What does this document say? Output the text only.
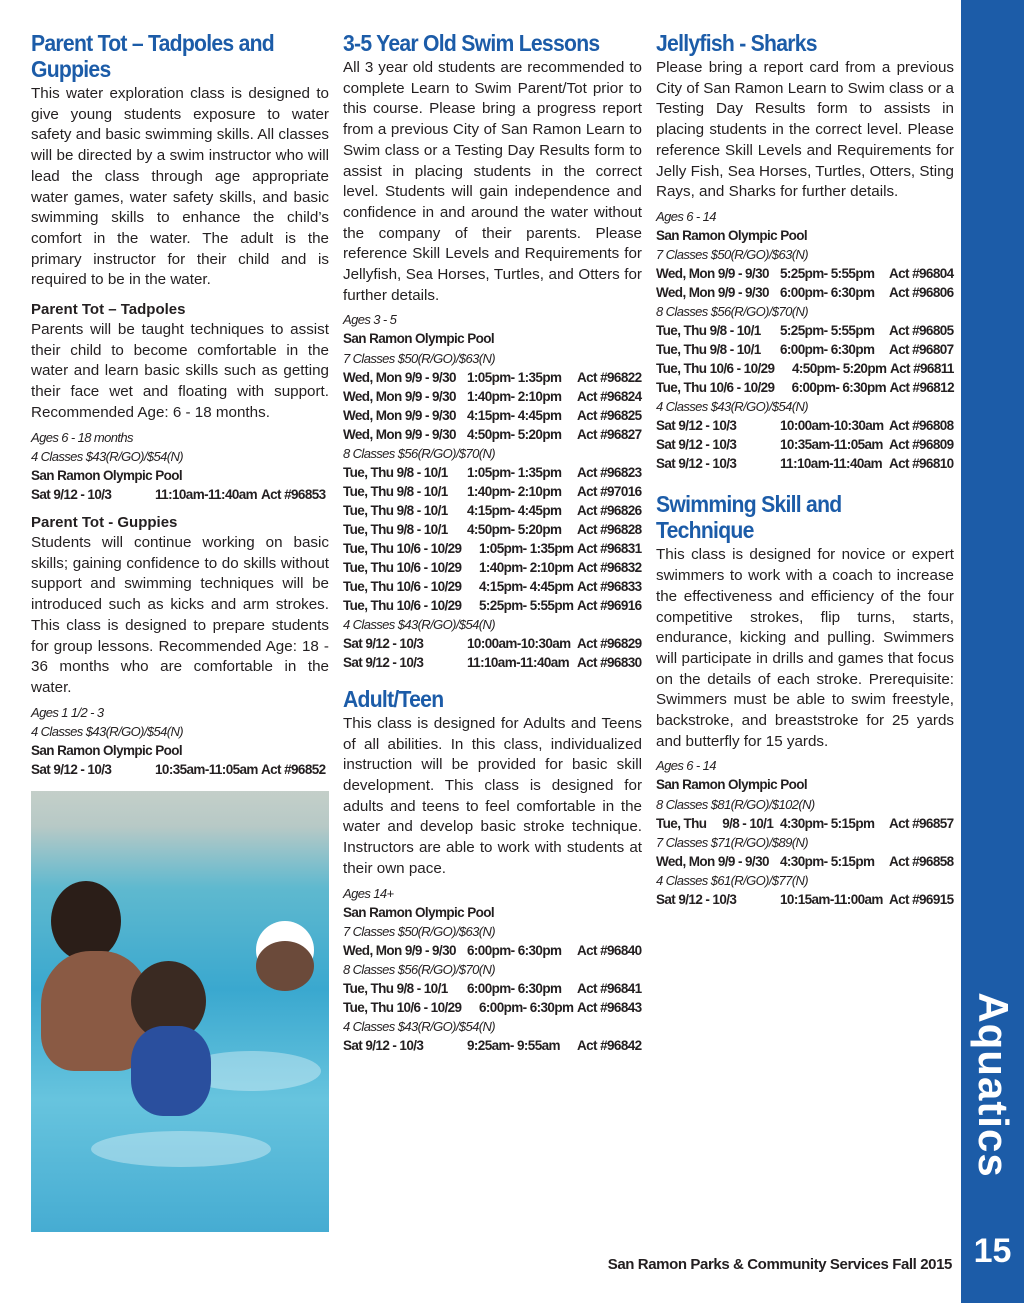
Parent Tot – Tadpoles and
Guppies

This water exploration class is designed to give young students exposure to water safety and basic swimming skills. All classes will be directed by a swim instructor who will lead the class through age appropriate water games, water safety skills, and basic swimming skills to enhance the child’s comfort in the water. The adult is the primary instructor for their child and is required to be in the water.

Parent Tot – Tadpoles

Parents will be taught techniques to assist their child to become comfortable in the water and learn basic skills such as getting their face wet and floating with support. Recommended Age: 6 - 18 months.

Ages 6 - 18 months
4 Classes $43(R/GO)/$54(N)
San Ramon Olympic Pool
Sat 9/12 - 10/3	11:10am-11:40am Act #96853
Parent Tot - Guppies

Students will continue working on basic skills; gaining confidence to do skills without support and swimming techniques will be introduced such as kicks and arm strokes. This class is designed to prepare students for group lessons. Recommended Age: 18 - 36 months who are comfortable in the water.

Ages 1 1/2 - 3
4 Classes $43(R/GO)/$54(N)
San Ramon Olympic Pool
Sat 9/12 - 10/3	10:35am-11:05am Act #96852
3-5 Year Old Swim Lessons

All 3 year old students are recommended to complete Learn to Swim Parent/Tot prior to this course. Please bring a progress report from a previous City of San Ramon Learn to Swim class or a Testing Day Results form to assist in placing students in the correct level. Students will gain independence and confidence in and around the water without the company of their parents. Please reference Skill Levels and Requirements for Jellyfish, Sea Horses, Turtles, and Otters for further details.

Ages 3 - 5
San Ramon Olympic Pool
7 Classes $50(R/GO)/$63(N)
Wed, Mon 9/9 - 9/30 1:05pm- 1:35pm	Act #96822
Wed, Mon 9/9 - 9/30 1:40pm- 2:10pm	Act #96824
Wed, Mon 9/9 - 9/30 4:15pm- 4:45pm	Act #96825
Wed, Mon 9/9 - 9/30 4:50pm- 5:20pm	Act #96827
8 Classes $56(R/GO)/$70(N)
Tue, Thu 9/8 - 10/1	1:05pm- 1:35pm	Act #96823
Tue, Thu 9/8 - 10/1	1:40pm- 2:10pm	Act #97016
Tue, Thu 9/8 - 10/1	4:15pm- 4:45pm	Act #96826
Tue, Thu 9/8 - 10/1	4:50pm- 5:20pm	Act #96828
Tue, Thu 10/6 - 10/29	1:05pm- 1:35pm Act #96831
Tue, Thu 10/6 - 10/29	1:40pm- 2:10pm Act #96832
Tue, Thu 10/6 - 10/29	4:15pm- 4:45pm Act #96833
Tue, Thu 10/6 - 10/29	5:25pm- 5:55pm Act #96916
4 Classes $43(R/GO)/$54(N)
Sat 9/12 - 10/3	10:00am-10:30am Act #96829
Sat 9/12 - 10/3	11:10am-11:40am Act #96830
Adult/Teen

This class is designed for Adults and Teens of all abilities. In this class, individualized instruction will be provided for basic skill development. This class is designed for adults and teens to feel comfortable in the water and develop basic stroke technique. Instructors are able to work with students at their own pace.

Ages 14+
San Ramon Olympic Pool
7 Classes $50(R/GO)/$63(N)
Wed, Mon 9/9 - 9/30 6:00pm- 6:30pm	Act #96840
8 Classes $56(R/GO)/$70(N)
Tue, Thu 9/8 - 10/1	6:00pm- 6:30pm	Act #96841
Tue, Thu 10/6 - 10/29	6:00pm- 6:30pm Act #96843
4 Classes $43(R/GO)/$54(N)
Sat 9/12 - 10/3	9:25am- 9:55am	Act #96842
Jellyfish - Sharks

Please bring a report card from a previous City of San Ramon Learn to Swim class or a Testing Day Results form to assists in placing students in the correct level. Please reference Skill Levels and Requirements for Jelly Fish, Sea Horses, Turtles, Otters, Sting Rays, and Sharks for further details.

Ages 6 - 14
San Ramon Olympic Pool
7 Classes $50(R/GO)/$63(N)
Wed, Mon 9/9 - 9/30 5:25pm- 5:55pm	Act #96804
Wed, Mon 9/9 - 9/30 6:00pm- 6:30pm	Act #96806
8 Classes $56(R/GO)/$70(N)
Tue, Thu 9/8 - 10/1	5:25pm- 5:55pm	Act #96805
Tue, Thu 9/8 - 10/1	6:00pm- 6:30pm	Act #96807
Tue, Thu 10/6 - 10/29	4:50pm- 5:20pm Act #96811
Tue, Thu 10/6 - 10/29	6:00pm- 6:30pm Act #96812
4 Classes $43(R/GO)/$54(N)
Sat 9/12 - 10/3	10:00am-10:30am Act #96808
Sat 9/12 - 10/3	10:35am-11:05am Act #96809
Sat 9/12 - 10/3	11:10am-11:40am Act #96810
Swimming Skill and
Technique

This class is designed for novice or expert swimmers to work with a coach to increase the effectiveness and efficiency of the four competitive strokes, flip turns, starts, endurance, kicking and pulling. Swimmers will participate in drills and games that focus on the details of each stroke. Prerequisite: Swimmers must be able to swim freestyle, backstroke, and breaststroke for 25 yards and butterfly for 15 yards.

Ages 6 - 14
San Ramon Olympic Pool
8 Classes $81(R/GO)/$102(N)
Tue, Thu     9/8 - 10/1 4:30pm- 5:15pm	Act #96857
7 Classes $71(R/GO)/$89(N)
Wed, Mon 9/9 - 9/30 4:30pm- 5:15pm	Act #96858
4 Classes $61(R/GO)/$77(N)
Sat 9/12 - 10/3	10:15am-11:00am Act #96915
Aquatics
15
San Ramon Parks & Community Services Fall 2015
